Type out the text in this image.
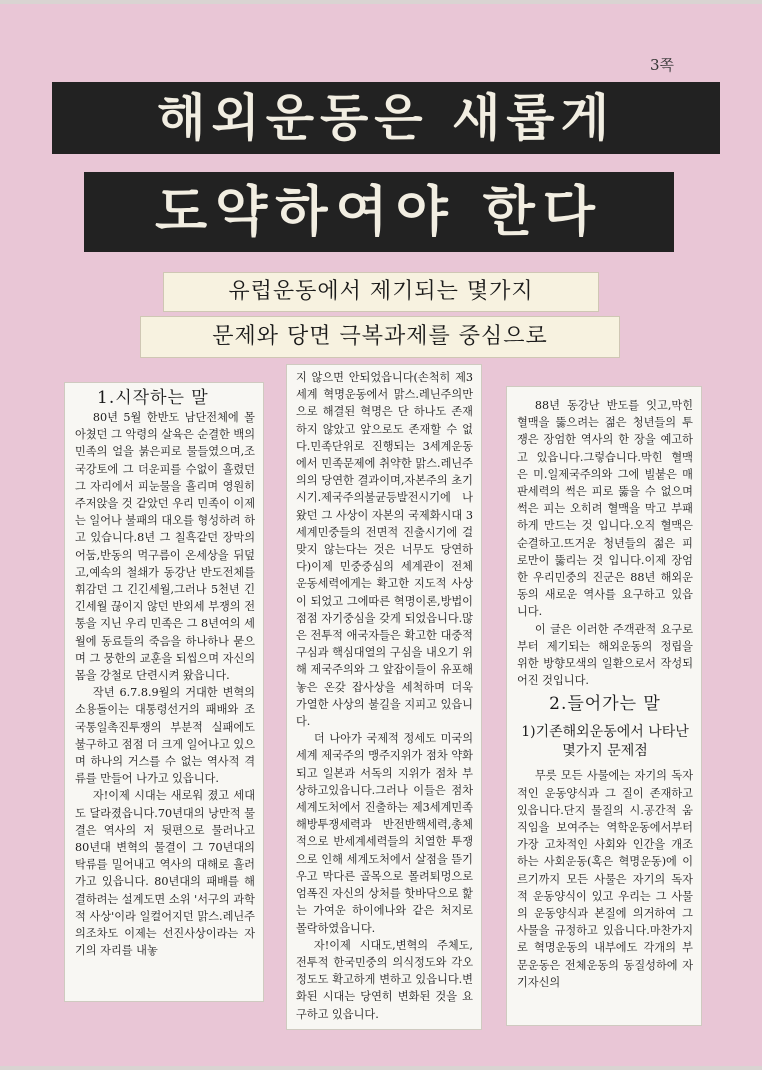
3쪽
해외운동은 새롭게
도약하여야 한다
유럽운동에서 제기되는 몇가지
문제와 당면 극복과제를 중심으로
1.시작하는 말

80년 5월 한반도 남단전체에 몰아쳤던 그 악령의 살육은 순결한 백의민족의 얼을 붉은피로 물들였으며,조국강토에 그 더운피를 수없이 흘렸던 그 자리에서 피눈물을 흘리며 영원히 주저앉을 것 같았던 우리 민족이 이제는 일어나 불패의 대오를 형성하려 하고 있습니다.8년 그 칠흑같던 장막의 어둠,반동의 먹구름이 온세상을 뒤덮고,예속의 철쇄가 동강난 반도전체를 휘감던 그 긴긴세월,그러나 5천년 긴긴세월 끊이지 않던 반외세 부쟁의 전통을 지닌 우리 민족은 그 8년여의 세월에 동료들의 죽음을 하나하나 묻으며 그 뭉한의 교훈을 되씹으며 자신의 몸을 강철로 단련시켜 왔읍니다.

작년 6.7.8.9월의 거대한 변혁의 소용돌이는 대통령선거의 패배와 조국통일촉진투쟁의 부분적 실패에도 불구하고 점점 더 크게 일어나고 있으며 하나의 거스를 수 없는 역사적 격류를 만들어 나가고 있읍니다.

자!이제 시대는 새로워 졌고 세대도 달라졌읍니다.70년대의 낭만적 물결은 역사의 저 뒷편으로 물러나고 80년대 변혁의 물결이 그 70년대의 탁류를 밀어내고 역사의 대해로 흘러가고 있읍니다. 80년대의 패배를 해결하려는 설계도면 소위 '서구의 과학적 사상'이라 일컬어지던 맑스.레닌주의조차도 이제는 선진사상이라는 자기의 자리를 내놓

지 않으면 안되었읍니다(손척히 제3세계 혁명운동에서 맑스.레닌주의만으로 해결된 혁명은 단 하나도 존재하지 않았고 앞으로도 존재할 수 없다.민족단위로 진행되는 3세계운동에서 민족문제에 취약한 맑스.레닌주의의 당연한 결과이며,자본주의 초기시기.제국주의불균등발전시기에 나왔던 그 사상이 자본의 국제화시대 3세계민중들의 전면적 진출시기에 걸맞지 않는다는 것은 너무도 당연하다)이제 민중중심의 세계관이 전체운동세력에게는 확고한 지도적 사상이 되었고 그에따른 혁명이론,방법이 점점 자기중심을 갖게 되었읍니다.많은 전투적 애국자들은 확고한 대중적 구심과 핵심대열의 구심을 내오기 위해 제국주의와 그 앞잡이들이 유포해 놓은 온갖 잡사상을 세척하며 더욱 가열한 사상의 불길을 지피고 있읍니다.

더 나아가 국제적 정세도 미국의 세계 제국주의 맹주지위가 점차 약화되고 일본과 서독의 지위가 점차 부상하고있읍니다.그러나 이들은 점차 세계도처에서 진출하는 제3세계민족해방투쟁세력과 반전반핵세력,총체적으로 반세계세력들의 치열한 투쟁으로 인해 세계도처에서 살점을 뜯기우고 막다른 골목으로 몰려퇴멍으로 엄폭진 자신의 상처를 핫바닥으로 핥는 가여운 하이에나와 같은 처지로 몰락하였읍니다.

자!이제 시대도,변혁의 주체도,전투적 한국민중의 의식정도와 각오정도도 확고하게 변하고 있읍니다.변화된 시대는 당연히 변화된 것을 요구하고 있읍니다.

88년 동강난 반도를 잇고,막힌 혈맥을 뚫으려는 젊은 청년들의 투쟁은 장엄한 역사의 한 장을 예고하고 있읍니다.그렇습니다.막힌 혈맥은 미.일제국주의와 그에 빌붙은 매판세력의 썩은 피로 뚫을 수 없으며 썩은 피는 오히려 혈맥을 막고 부패하게 만드는 것 입니다.오직 혈맥은 순결하고.뜨거운 청년들의 젊은 피로만이 뚫리는 것 입니다.이제 장엄한 우리민중의 진군은 88년 해외운동의 새로운 역사를 요구하고 있읍니다.

이 글은 이러한 주객관적 요구로부터 제기되는 해외운동의 정립을 위한 방향모색의 일환으로서 작성되어진 것입니다.

2.들어가는 말
1)기존해외운동에서 나타난 몇가지 문제점

무릇 모든 사물에는 자기의 독자적인 운동양식과 그 질이 존재하고 있읍니다.단지 물질의 시.공간적 움직임을 보여주는 역학운동에서부터 가장 고차적인 사회와 인간을 개조하는 사회운동(혹은 혁명운동)에 이르기까지 모든 사물은 자기의 독자적 운동양식이 있고 우리는 그 사물의 운동양식과 본질에 의거하여 그 사물을 규정하고 있읍니다.마찬가지로 혁명운동의 내부에도 각개의 부문운동은 전체운동의 동질성하에 자기자신의
